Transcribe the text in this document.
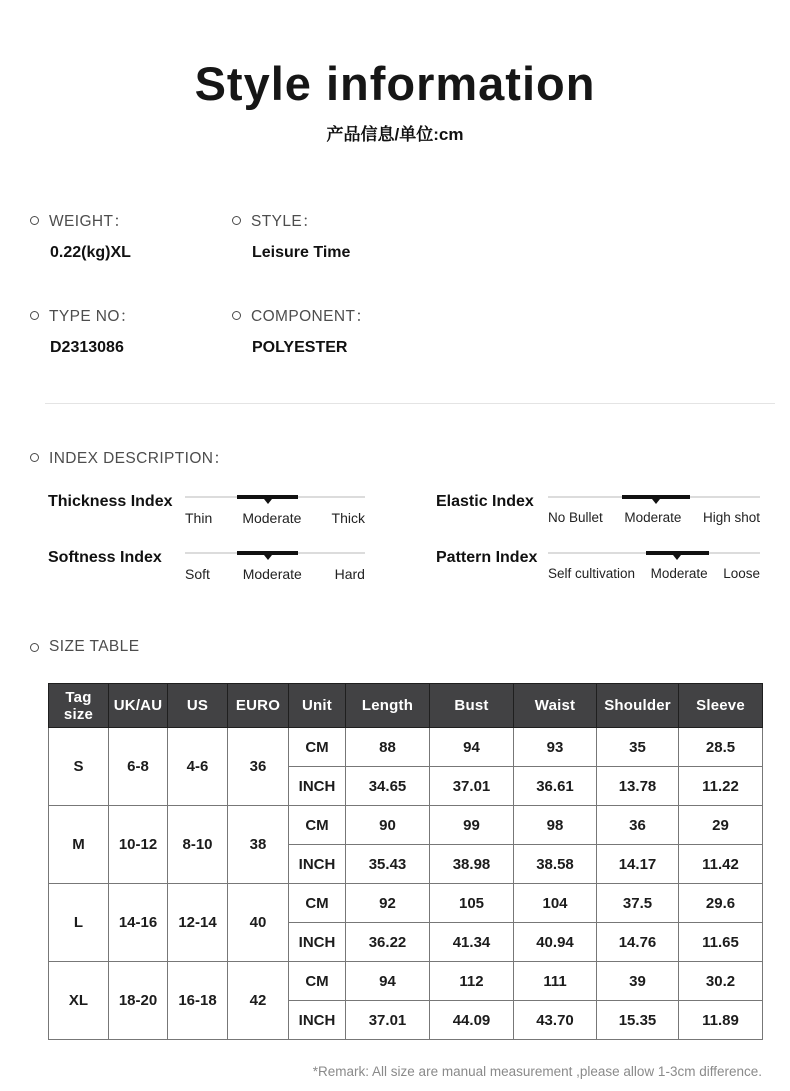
Style information
产品信息/单位:cm
WEIGHT：
0.22(kg)XL
STYLE：
Leisure Time
TYPE NO：
D2313086
COMPONENT：
POLYESTER
INDEX DESCRIPTION：
Thickness Index
Thin Moderate Thick
Elastic Index
No Bullet Moderate High shot
Softness Index
Soft Moderate Hard
Pattern Index
Self cultivation Moderate Loose
SIZE TABLE
Tag size	UK/AU	US	EURO	Unit	Length	Bust	Waist	Shoulder	Sleeve
S	6-8	4-6	36	CM	88	94	93	35	28.5
				INCH	34.65	37.01	36.61	13.78	11.22
M	10-12	8-10	38	CM	90	99	98	36	29
				INCH	35.43	38.98	38.58	14.17	11.42
L	14-16	12-14	40	CM	92	105	104	37.5	29.6
				INCH	36.22	41.34	40.94	14.76	11.65
XL	18-20	16-18	42	CM	94	112	111	39	30.2
				INCH	37.01	44.09	43.70	15.35	11.89
*Remark: All size are manual measurement ,please allow 1-3cm difference.
